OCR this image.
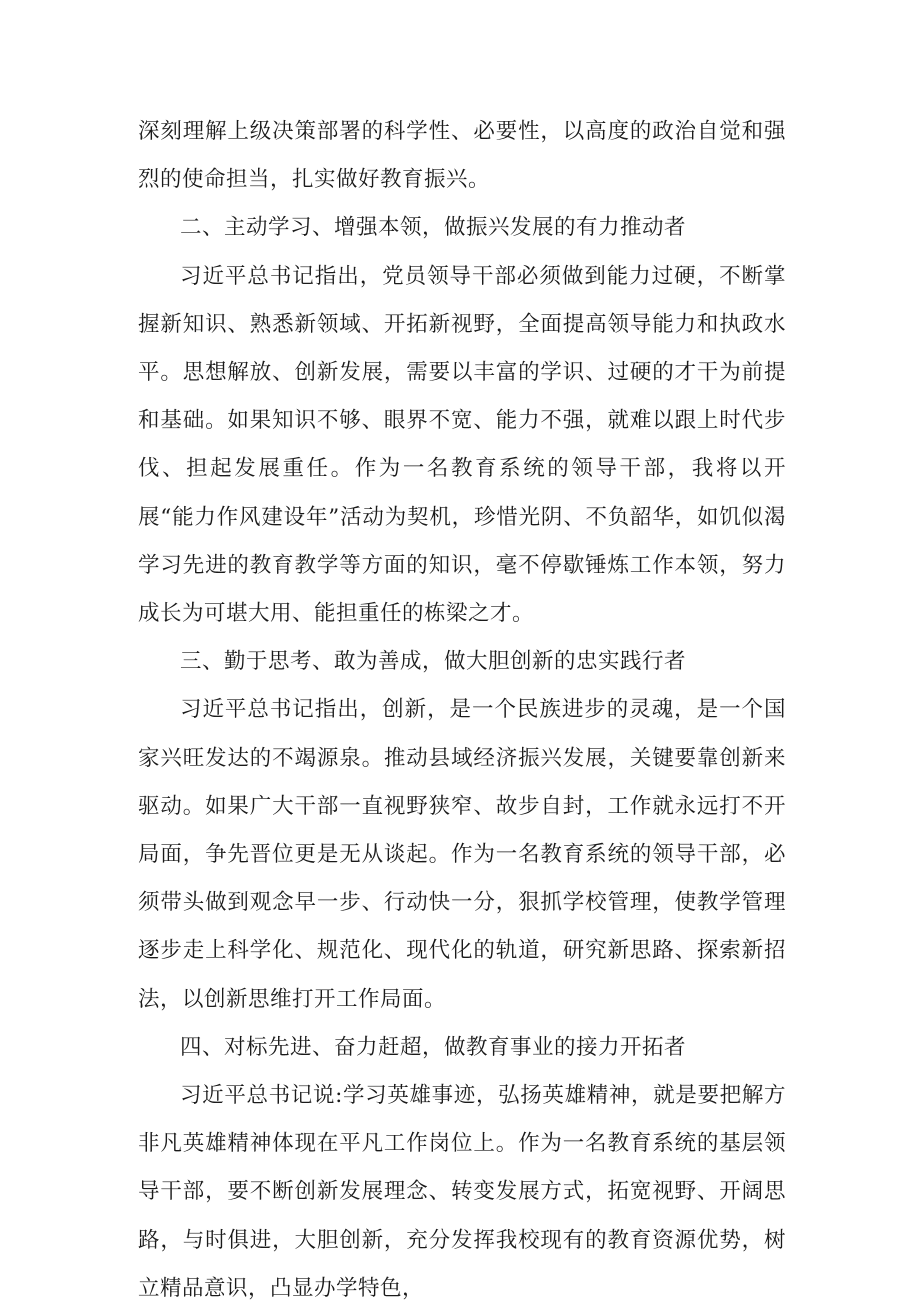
深刻理解上级决策部署的科学性、必要性，以高度的政治自觉和强烈的使命担当，扎实做好教育振兴。

二、主动学习、增强本领，做振兴发展的有力推动者

习近平总书记指出，党员领导干部必须做到能力过硬，不断掌握新知识、熟悉新领域、开拓新视野，全面提高领导能力和执政水平。思想解放、创新发展，需要以丰富的学识、过硬的才干为前提和基础。如果知识不够、眼界不宽、能力不强，就难以跟上时代步伐、担起发展重任。作为一名教育系统的领导干部，我将以开展“能力作风建设年”活动为契机，珍惜光阴、不负韶华，如饥似渴学习先进的教育教学等方面的知识，毫不停歇锤炼工作本领，努力成长为可堪大用、能担重任的栋梁之才。

三、勤于思考、敢为善成，做大胆创新的忠实践行者

习近平总书记指出，创新，是一个民族进步的灵魂，是一个国家兴旺发达的不竭源泉。推动县域经济振兴发展，关键要靠创新来驱动。如果广大干部一直视野狭窄、故步自封，工作就永远打不开局面，争先晋位更是无从谈起。作为一名教育系统的领导干部，必须带头做到观念早一步、行动快一分，狠抓学校管理，使教学管理逐步走上科学化、规范化、现代化的轨道，研究新思路、探索新招法，以创新思维打开工作局面。

四、对标先进、奋力赶超，做教育事业的接力开拓者

习近平总书记说:学习英雄事迹，弘扬英雄精神，就是要把解方非凡英雄精神体现在平凡工作岗位上。作为一名教育系统的基层领导干部，要不断创新发展理念、转变发展方式，拓宽视野、开阔思路，与时俱进，大胆创新，充分发挥我校现有的教育资源优势，树立精品意识，凸显办学特色，
